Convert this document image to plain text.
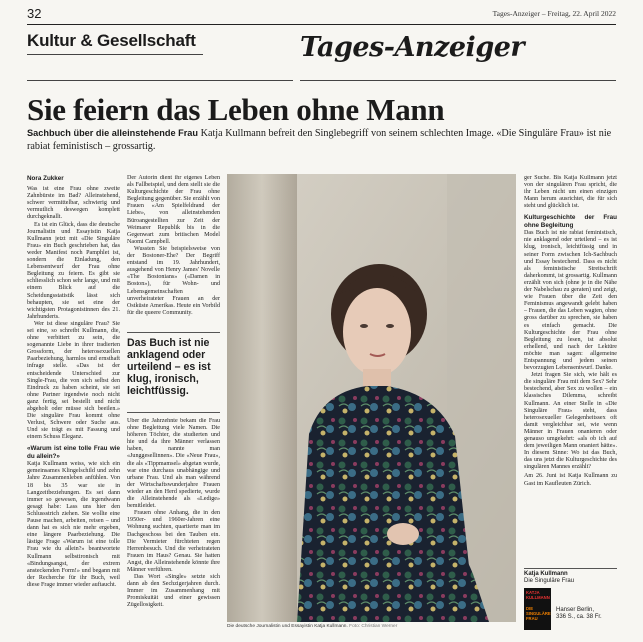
32	Tages-Anzeiger – Freitag, 22. April 2022
Kultur & Gesellschaft	Tages-Anzeiger
Sie feiern das Leben ohne Mann
Sachbuch über die alleinstehende Frau Katja Kullmann befreit den Singlebegriff von seinem schlechten Image. «Die Singuläre Frau» ist nie rabiat feministisch – grossartig.
Nora Zukker

Was ist eine Frau ohne zweite Zahnbürste im Bad? Alleinstehend, schwer vermittelbar, schwierig und vermutlich deswegen komplett durchgeknallt.

Es ist ein Glück, dass die deutsche Journalistin und Essayistin Katja Kullmann jetzt mit «Die Singuläre Frau» ein Buch geschrieben hat, das weder Manifest noch Pamphlet ist, sondern die Einladung, den Lebensentwurf der Frau ohne Begleitung zu feiern. Es gibt sie schliesslich schon sehr lange, und mit einem Blick auf die Scheidungsstatistik lässt sich behaupten, sie sei eine der wichtigsten Protagonistinnen des 21. Jahrhunderts.

Wer ist diese singuläre Frau? Sie sei eine, so schreibt Kullmann, die, ohne verbittert zu sein, die sogenannte Liebe in ihrer tradierten Grossform, der heterosexuellen Paarbeziehung, harmlos und ernsthaft infrage stelle. «Das ist der entscheidende Unterschied zur Single-Frau, die von sich selbst den Eindruck zu haben scheint, sie sei ohne Partner irgendwie noch nicht ganz fertig, sei bestellt und nicht abgeholt oder müsse sich beeilen.» Die singuläre Frau kommt ohne Verlust, Schwere oder Suche aus. Und sie trägt es mit Fassung und einem Schuss Eleganz.

«Warum ist eine tolle Frau wie du allein?»

Katja Kullmann weiss, wie sich ein gemeinsames Klingelschild und zehn Jahre Zusammenleben anfühlen. Von 18 bis 35 war sie in Langzeitbeziehungen. Es sei dann immer so gewesen, die irgendwann gesagt habe: Lass uns hier den Schlussstrich ziehen. Sie wollte eine Pause machen, arbeiten, reisen – und dann hat es sich nie mehr ergeben, eine längere Paarbeziehung. Die lästige Frage «Warum ist eine tolle Frau wie du allein?» beantwortete Kullmann selbstironisch mit «Bindungsangst, der extrem ansteckenden Form!» und begann mit der Recherche für ihr Buch, weil diese Frage immer wieder auftaucht.

Der Autorin dient ihr eigenes Leben als Fallbeispiel, und dem stellt sie die Kulturgeschichte der Frau ohne Begleitung gegenüber. Sie erzählt von Frauen «Am Spielfeldrand der Liebe», von alleinstehenden Büroangestellten zur Zeit der Weimarer Republik bis in die Gegenwart zum britischen Model Naomi Campbell.

Wussten Sie beispielsweise von der Bostoner-Ehe? Der Begriff entstand im 19. Jahrhundert, ausgehend von Henry James' Novelle «The Bostonians» («Damen in Boston»), für Wohn- und Lebensgemeinschaften unverheirateter Frauen an der Ostküste Amerikas. Heute ein Vorbild für die queere Community.

Das Buch ist nie anklagend oder urteilend – es ist klug, ironisch, leichtfüssig.

Über die Jahrzehnte bekam die Frau ohne Begleitung viele Namen. Die höheren Töchter, die studierten und hie und da ihre Männer verlassen haben, nannte man «Junggesellinnen». Die «Neue Frau», die als «Tippmamsel» abgetan wurde, war eine durchaus unabhängige und urbane Frau. Und als man während der Wirtschaftswunderjahre Frauen wieder an den Herd spediertе, wurde die Alleinstehende als «Ledige» bemitleidet.

Frauen ohne Anhang, die in den 1950er- und 1960er-Jahren eine Wohnung suchten, quartierte man im Dachgeschoss bei den Tauben ein. Die Vermieter fürchteten regen Herrenbesuch. Und die verheirateten Frauen im Haus? Genau. Sie hatten Angst, die Alleinstehende könnte ihre Männer verführen.

Das Wort «Single» setzte sich dann ab den Sechzigerjahren durch. Immer im Zusammenhang mit Promiskuität und einer gewissen Zügellosigkeit.

Die deutsche Journalistin und Essayistin Katja Kullmann. Foto: Christian Werner

ger Suche. Bis Katja Kullmann jetzt von der singulären Frau spricht, die ihr Leben nicht um einen einzigen Mann herum ausrichtet, die für sich steht und glücklich ist.

Kulturgeschichte der Frau ohne Begleitung

Das Buch ist nie rabiat feministisch, nie anklagend oder urteilend – es ist klug, ironisch, leichtfüssig und in seiner Form zwischen Ich-Sachbuch und Essay bestechend. Dass es nicht als feministische Streitschrift daherkommt, ist grossartig. Kullmann erzählt von sich (ohne je in die Nähe der Nabelschau zu geraten) und zeigt, wie Frauen über die Zeit den Feminismus angewandt gelebt haben – Frauen, die das Leben wagten, ohne gross darüber zu sprechen, sie haben es einfach gemacht. Die Kulturgeschichte der Frau ohne Begleitung zu lesen, ist absolut erhellend, und nach der Lektüre möchte man sagen: allgemeine Entspannung und jedem seinen bevorzugten Lebensentwurf. Danke.

Jetzt fragen Sie sich, wie hält es die singuläre Frau mit dem Sex? Sehr bestechend, aber Sex zu wollen – ein klassisches Dilemma, schreibt Kullmann. An einer Stelle in «Die Singuläre Frau» steht, dass heterosexueller Gelegenheitssex oft damit vergleichbar sei, wie wenn Männer in Frauen onanieren oder genauso umgekehrt: «als ob ich auf dem jeweiligen Mann onaniert hätte». In diesem Sinne: Wo ist das Buch, das uns jetzt die Kulturgeschichte des singulären Mannes erzählt?

Am 26. Juni ist Katja Kullmann zu Gast im Kaufleuten Zürich.

Katja Kullmann
Die Singuläre Frau
KATJA KULLMANN
DIE SINGULÄRE FRAU
Hanser Berlin,
336 S., ca. 38 Fr.
